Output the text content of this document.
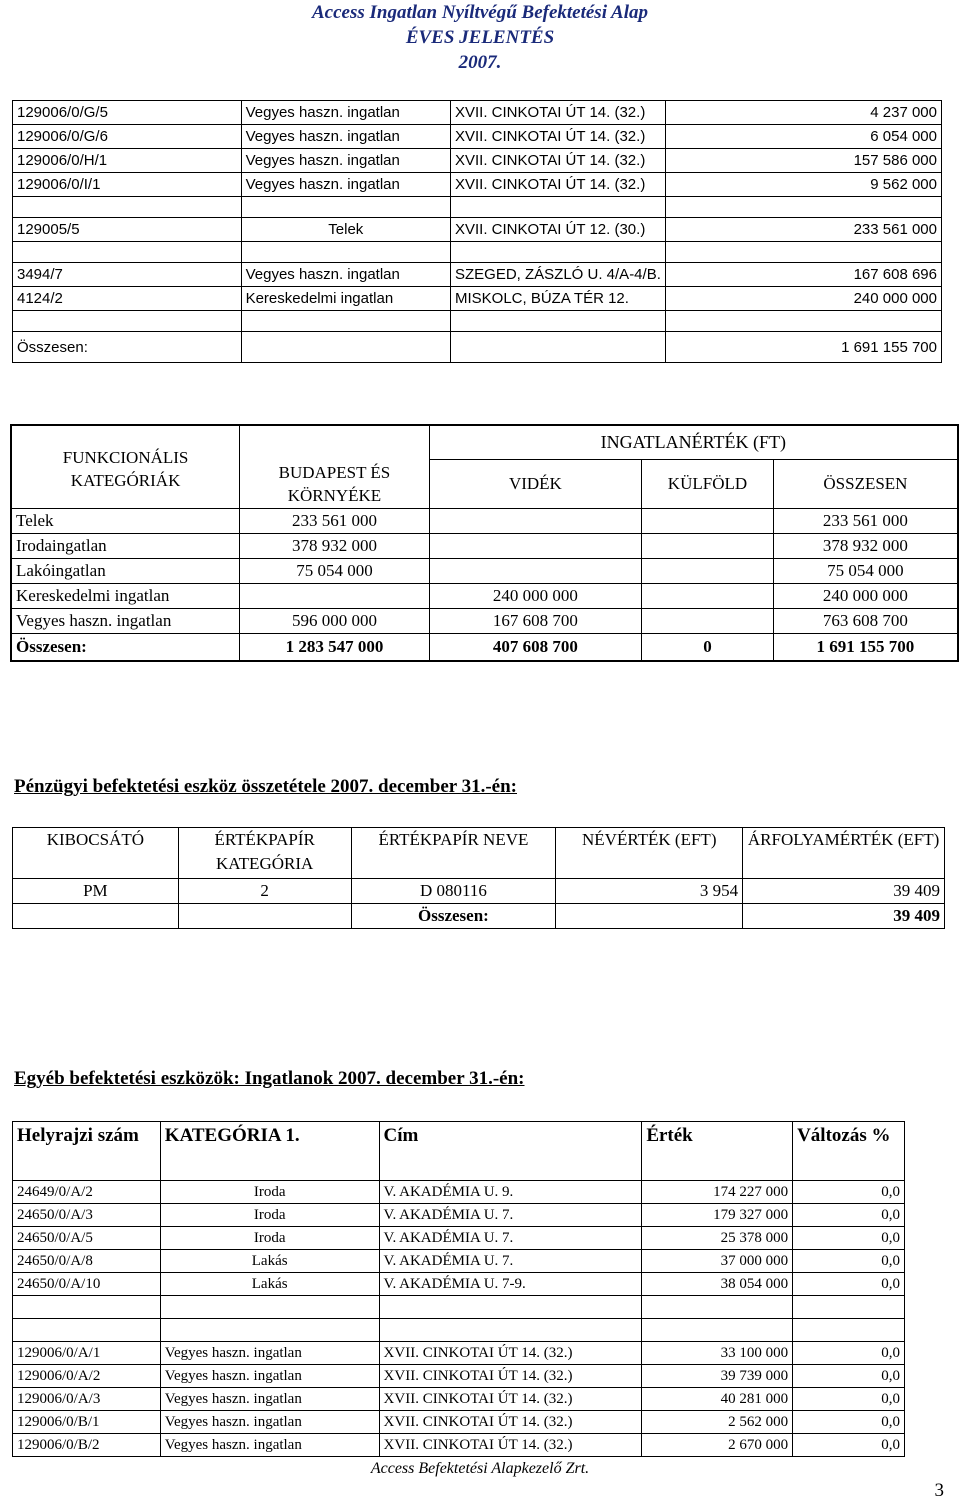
Access Ingatlan Nyíltvégű Befektetési Alap
ÉVES JELENTÉS
2007.
129006/0/G/5	Vegyes haszn. ingatlan	XVII. CINKOTAI ÚT 14. (32.)	4 237 000
129006/0/G/6	Vegyes haszn. ingatlan	XVII. CINKOTAI ÚT 14. (32.)	6 054 000
129006/0/H/1	Vegyes haszn. ingatlan	XVII. CINKOTAI ÚT 14. (32.)	157 586 000
129006/0/I/1	Vegyes haszn. ingatlan	XVII. CINKOTAI ÚT 14. (32.)	9 562 000

129005/5	Telek	XVII. CINKOTAI ÚT 12. (30.)	233 561 000

3494/7	Vegyes haszn. ingatlan	SZEGED, ZÁSZLÓ U. 4/A-4/B.	167 608 696
4124/2	Kereskedelmi ingatlan	MISKOLC, BÚZA TÉR 12.	240 000 000

Összesen:			1 691 155 700
FUNKCIONÁLIS KATEGÓRIÁK		INGATLANÉRTÉK (FT)		
	BUDAPEST ÉS KÖRNYÉKE	VIDÉK	KÜLFÖLD	ÖSSZESEN
Telek	233 561 000			233 561 000
Irodaingatlan	378 932 000			378 932 000
Lakóingatlan	75 054 000			75 054 000
Kereskedelmi ingatlan		240 000 000		240 000 000
Vegyes haszn. ingatlan	596 000 000	167 608 700		763 608 700
Összesen:	1 283 547 000	407 608 700	0	1 691 155 700
Pénzügyi befektetési eszköz összetétele 2007. december 31.-én:
KIBOCSÁTÓ	ÉRTÉKPAPÍR KATEGÓRIA	ÉRTÉKPAPÍR NEVE	NÉVÉRTÉK (EFT)	ÁRFOLYAMÉRTÉK (EFT)
PM	2	D 080116	3 954	39 409
		Összesen:		39 409
Egyéb befektetési eszközök: Ingatlanok 2007. december 31.-én:
Helyrajzi szám	KATEGÓRIA 1.	Cím	Érték	Változás %
24649/0/A/2	Iroda	V. AKADÉMIA U. 9.	174 227 000	0,0
24650/0/A/3	Iroda	V. AKADÉMIA U. 7.	179 327 000	0,0
24650/0/A/5	Iroda	V. AKADÉMIA U. 7.	25 378 000	0,0
24650/0/A/8	Lakás	V. AKADÉMIA U. 7.	37 000 000	0,0
24650/0/A/10	Lakás	V. AKADÉMIA U. 7-9.	38 054 000	0,0

129006/0/A/1	Vegyes haszn. ingatlan	XVII. CINKOTAI ÚT 14. (32.)	33 100 000	0,0
129006/0/A/2	Vegyes haszn. ingatlan	XVII. CINKOTAI ÚT 14. (32.)	39 739 000	0,0
129006/0/A/3	Vegyes haszn. ingatlan	XVII. CINKOTAI ÚT 14. (32.)	40 281 000	0,0
129006/0/B/1	Vegyes haszn. ingatlan	XVII. CINKOTAI ÚT 14. (32.)	2 562 000	0,0
129006/0/B/2	Vegyes haszn. ingatlan	XVII. CINKOTAI ÚT 14. (32.)	2 670 000	0,0
Access Befektetési Alapkezelő Zrt.
3
